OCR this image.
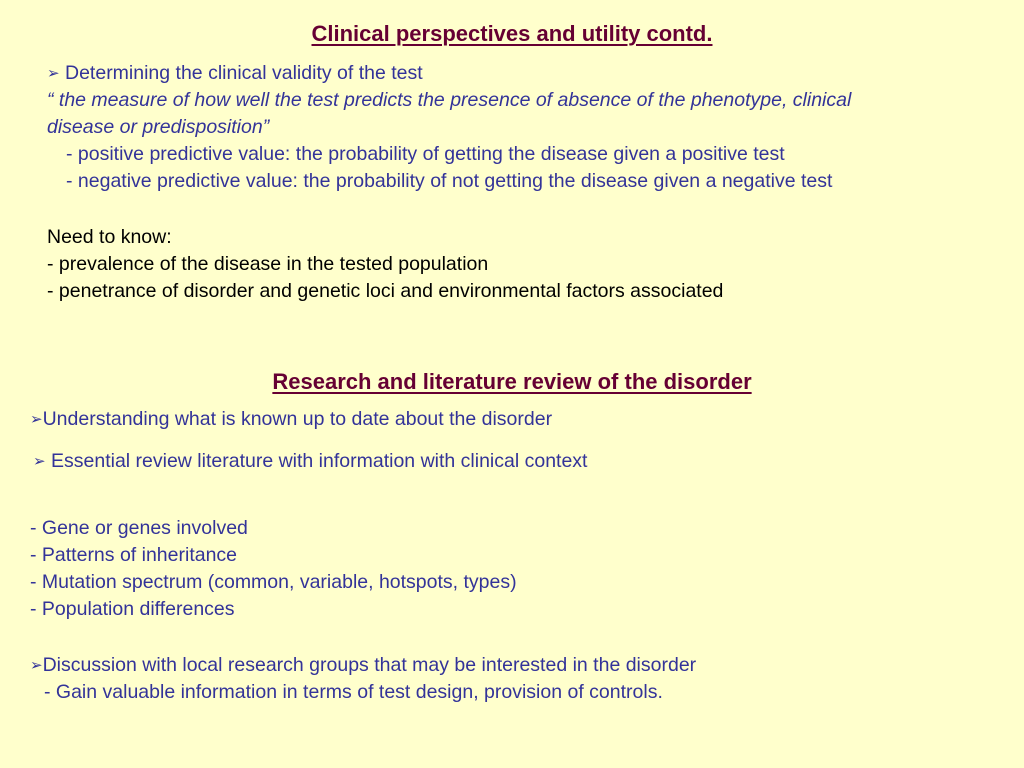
Clinical perspectives and utility contd.
➢ Determining the clinical validity of the test
“ the measure of how well the test predicts the presence of absence of the phenotype, clinical
disease or predisposition”
- positive predictive value: the probability of getting the disease given a positive test
- negative predictive value: the probability of not getting the disease given a negative test
Need to know:
- prevalence of the disease in the tested population
- penetrance of disorder and genetic loci and environmental factors associated
Research and literature review of the disorder
➢Understanding what is known up to date about the disorder
➢ Essential review literature with information with clinical context
- Gene or genes involved
- Patterns of inheritance
- Mutation spectrum (common, variable, hotspots, types)
- Population differences
➢Discussion with local research groups that may be interested in the disorder
- Gain valuable information in terms of test design, provision of controls.
